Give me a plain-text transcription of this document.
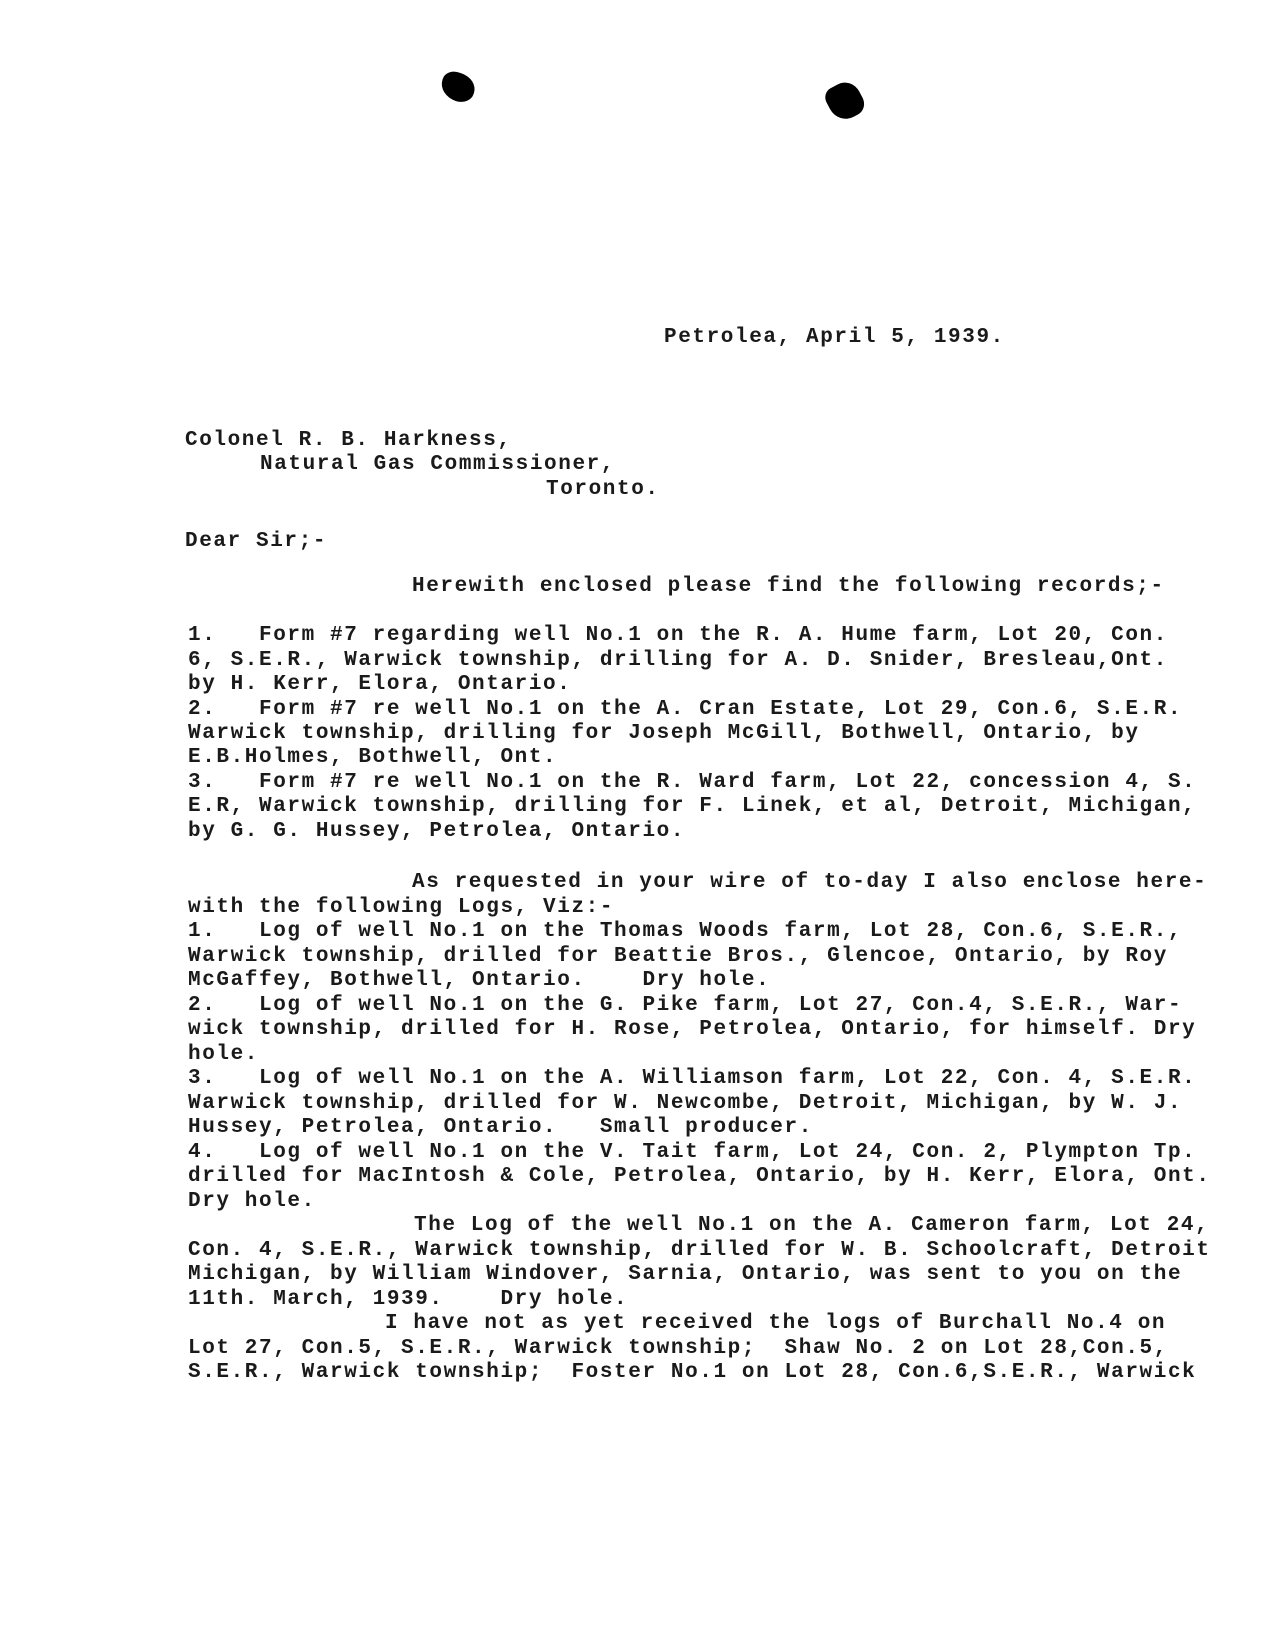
Petrolea, April 5, 1939.
Colonel R. B. Harkness,
Natural Gas Commissioner,
Toronto.
Dear Sir;-
Herewith enclosed please find the following records;-
1.   Form #7 regarding well No.1 on the R. A. Hume farm, Lot 20, Con.
6, S.E.R., Warwick township, drilling for A. D. Snider, Bresleau,Ont.
by H. Kerr, Elora, Ontario.
2.   Form #7 re well No.1 on the A. Cran Estate, Lot 29, Con.6, S.E.R.
Warwick township, drilling for Joseph McGill, Bothwell, Ontario, by
E.B.Holmes, Bothwell, Ont.
3.   Form #7 re well No.1 on the R. Ward farm, Lot 22, concession 4, S.
E.R, Warwick township, drilling for F. Linek, et al, Detroit, Michigan,
by G. G. Hussey, Petrolea, Ontario.
As requested in your wire of to-day I also enclose here-
with the following Logs, Viz:-
1.   Log of well No.1 on the Thomas Woods farm, Lot 28, Con.6, S.E.R.,
Warwick township, drilled for Beattie Bros., Glencoe, Ontario, by Roy
McGaffey, Bothwell, Ontario.    Dry hole.
2.   Log of well No.1 on the G. Pike farm, Lot 27, Con.4, S.E.R., War-
wick township, drilled for H. Rose, Petrolea, Ontario, for himself. Dry
hole.
3.   Log of well No.1 on the A. Williamson farm, Lot 22, Con. 4, S.E.R.
Warwick township, drilled for W. Newcombe, Detroit, Michigan, by W. J.
Hussey, Petrolea, Ontario.   Small producer.
4.   Log of well No.1 on the V. Tait farm, Lot 24, Con. 2, Plympton Tp.
drilled for MacIntosh & Cole, Petrolea, Ontario, by H. Kerr, Elora, Ont.
Dry hole.
The Log of the well No.1 on the A. Cameron farm, Lot 24,
Con. 4, S.E.R., Warwick township, drilled for W. B. Schoolcraft, Detroit
Michigan, by William Windover, Sarnia, Ontario, was sent to you on the
11th. March, 1939.    Dry hole.
I have not as yet received the logs of Burchall No.4 on
Lot 27, Con.5, S.E.R., Warwick township;  Shaw No. 2 on Lot 28,Con.5,
S.E.R., Warwick township;  Foster No.1 on Lot 28, Con.6,S.E.R., Warwick
